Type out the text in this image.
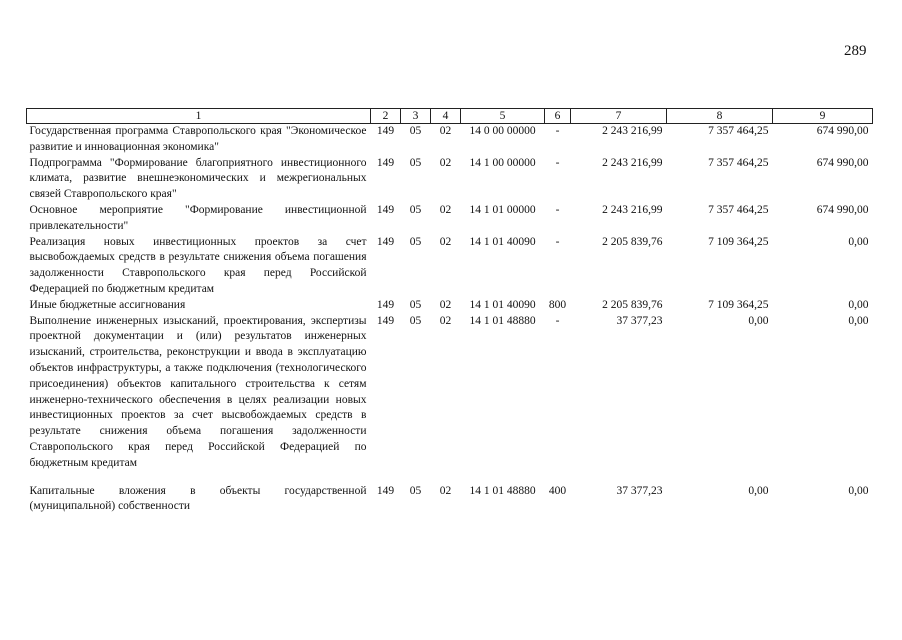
289
1	2	3	4	5	6	7	8	9
Государственная программа Ставропольского края "Экономическое развитие и инновационная экономика"	149	05	02	14 0 00 00000	-	2 243 216,99	7 357 464,25	674 990,00
Подпрограмма "Формирование благоприятного инвестиционного климата, развитие внешнеэкономических и межрегиональных связей Ставропольского края"	149	05	02	14 1 00 00000	-	2 243 216,99	7 357 464,25	674 990,00
Основное мероприятие "Формирование инвестиционной привлекательности"	149	05	02	14 1 01 00000	-	2 243 216,99	7 357 464,25	674 990,00
Реализация новых инвестиционных проектов за счет высвобождаемых средств в результате снижения объема погашения задолженности Ставропольского края перед Российской Федерацией по бюджетным кредитам	149	05	02	14 1 01 40090	-	2 205 839,76	7 109 364,25	0,00
Иные бюджетные ассигнования	149	05	02	14 1 01 40090	800	2 205 839,76	7 109 364,25	0,00
Выполнение инженерных изысканий, проектирования, экспертизы проектной документации и (или) результатов инженерных изысканий, строительства, реконструкции и ввода в эксплуатацию объектов инфраструктуры, а также подключения (технологического присоединения) объектов капитального строительства к сетям инженерно-технического обеспечения в целях реализации новых инвестиционных проектов за счет высвобождаемых средств в результате снижения объема погашения задолженности Ставропольского края перед Российской Федерацией по бюджетным кредитам	149	05	02	14 1 01 48880	-	37 377,23	0,00	0,00

Капитальные вложения в объекты государственной (муниципальной) собственности	149	05	02	14 1 01 48880	400	37 377,23	0,00	0,00
